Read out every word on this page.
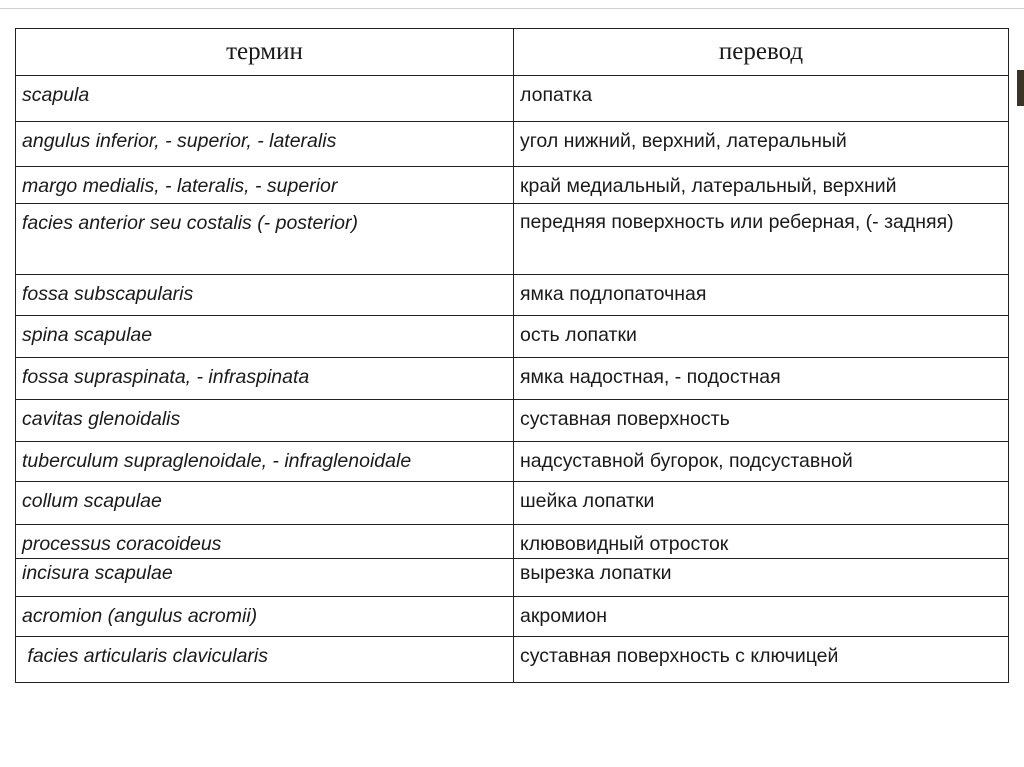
термин	перевод
scapula	лопатка
angulus inferior, - superior, - lateralis	угол нижний, верхний, латеральный
margo medialis, - lateralis, - superior	край медиальный, латеральный, верхний
facies anterior seu costalis (- posterior)	передняя поверхность или реберная, (- задняя)
fossa subscapularis	ямка подлопаточная
spina scapulae	ость лопатки
fossa supraspinata, - infraspinata	ямка надостная, - подостная
cavitas glenoidalis	суставная поверхность
tuberculum supraglenoidale, - infraglenoidale	надсуставной бугорок, подсуставной
collum scapulae	шейка лопатки
processus coracoideus	клювовидный отросток
incisura scapulae	вырезка лопатки
acromion (angulus acromii)	акромион
facies articularis clavicularis	суставная поверхность с ключицей
